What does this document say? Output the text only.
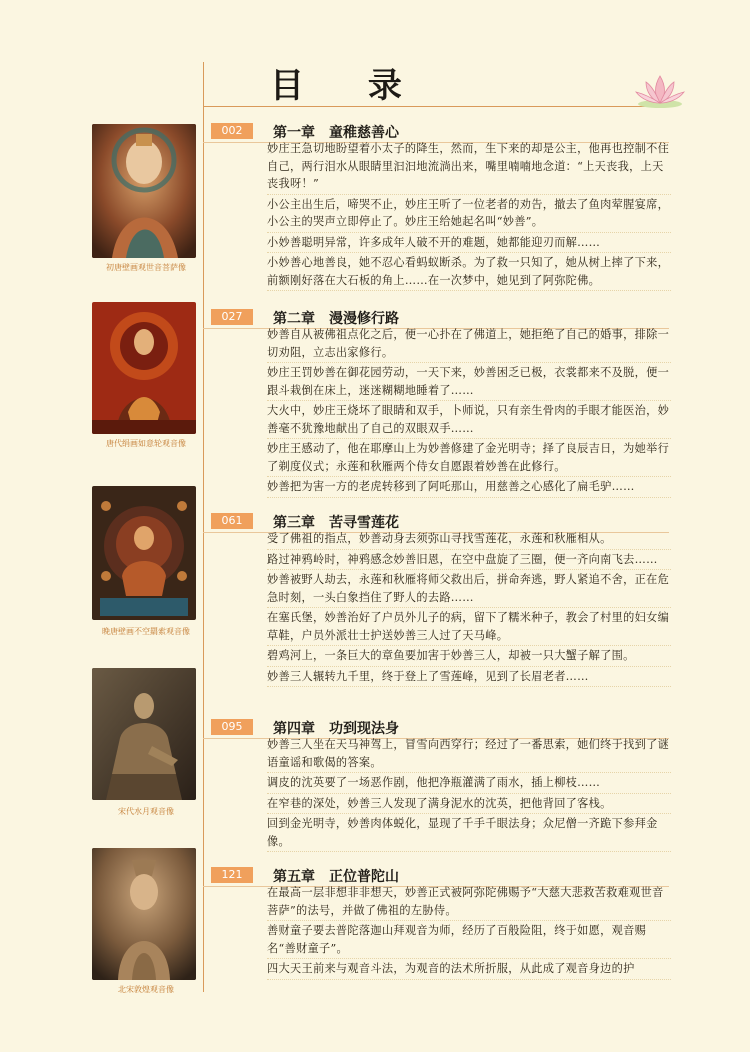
目 录
初唐壁画观世音菩萨像
唐代绢画如意轮观音像
晚唐壁画不空羂索观音像
宋代水月观音像
北宋敦煌观音像
002	第一章　童稚慈善心
妙庄王急切地盼望着小太子的降生，然而，生下来的却是公主，他再也控制不住自己，两行泪水从眼睛里汩汩地流淌出来，嘴里喃喃地念道：“上天丧我，上天丧我呀！”
小公主出生后，啼哭不止，妙庄王听了一位老者的劝告，撤去了鱼肉荤腥宴席，小公主的哭声立即停止了。妙庄王给她起名叫“妙善”。
小妙善聪明异常，许多成年人破不开的难题，她都能迎刃而解……
小妙善心地善良，她不忍心看蚂蚁断杀。为了救一只知了，她从树上摔了下来，前额刚好落在大石板的角上……在一次梦中，她见到了阿弥陀佛。
027	第二章　漫漫修行路
妙善自从被佛祖点化之后，便一心扑在了佛道上，她拒绝了自己的婚事，排除一切劝阻，立志出家修行。
妙庄王罚妙善在御花园劳动，一天下来，妙善困乏已极，衣裳都来不及脱，便一跟斗栽倒在床上，迷迷糊糊地睡着了……
大火中，妙庄王烧坏了眼睛和双手，卜师说，只有亲生骨肉的手眼才能医治，妙善毫不犹豫地献出了自己的双眼双手……
妙庄王感动了，他在耶摩山上为妙善修建了金光明寺；择了良辰吉日，为她举行了剃度仪式；永莲和秋雁两个侍女自愿跟着妙善在此修行。
妙善把为害一方的老虎转移到了阿吒那山，用慈善之心感化了扁毛驴……
061	第三章　苦寻雪莲花
受了佛祖的指点，妙善动身去须弥山寻找雪莲花，永莲和秋雁相从。
路过神鸦岭时，神鸦感念妙善旧恩，在空中盘旋了三圈，便一齐向南飞去……
妙善被野人劫去，永莲和秋雁将师父救出后，拼命奔逃，野人紧追不舍，正在危急时刻，一头白象挡住了野人的去路……
在塞氏堡，妙善治好了户员外儿子的病，留下了糯米种子，教会了村里的妇女编草鞋，户员外派壮士护送妙善三人过了天马峰。
碧鸡河上，一条巨大的章鱼要加害于妙善三人，却被一只大蟹子解了围。
妙善三人辗转九千里，终于登上了雪莲峰，见到了长眉老者……
095	第四章　功到现法身
妙善三人坐在天马神驾上，冒雪向西穿行；经过了一番思索，她们终于找到了谜语童谣和歌偈的答案。
调皮的沈英要了一场恶作剧，他把净瓶灌满了雨水，插上柳枝……
在窄巷的深处，妙善三人发现了满身泥水的沈英，把他背回了客栈。
回到金光明寺，妙善肉体蜕化，显现了千手千眼法身；众尼僧一齐跪下参拜金像。
121	第五章　正位普陀山
在最高一层非想非非想天，妙善正式被阿弥陀佛赐予“大慈大悲救苦救难观世音菩萨”的法号，并做了佛祖的左胁侍。
善财童子要去普陀落迦山拜观音为师，经历了百般险阻，终于如愿，观音赐名“善财童子”。
四大天王前来与观音斗法，为观音的法术所折服，从此成了观音身边的护
